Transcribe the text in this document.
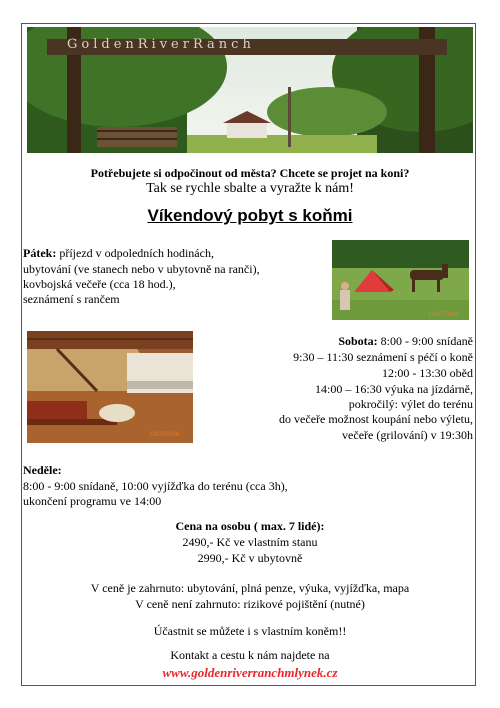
GoldenRiverRanch

Potřebujete si odpočinout od města? Chcete se projet na koni?

Tak se rychle sbalte a vyražte k nám!

Víkendový pobyt s koňmi

Pátek: příjezd v odpoledních hodinách,

ubytování (ve stanech nebo v ubytovně na ranči),

kovbojská večeře (cca 18 hod.),

seznámení s rančem

12/07/2008
28/07/2008

Sobota: 8:00 - 9:00 snídaně

9:30 – 11:30 seznámení s péčí o koně

12:00 - 13:30 oběd

14:00 – 16:30 výuka na jízdárně,

pokročilý: výlet do terénu

do večeře možnost koupání nebo výletu,

večeře (grilování) v 19:30h

Neděle:

8:00 - 9:00 snídaně, 10:00 vyjížďka do terénu (cca 3h),

ukončení programu ve 14:00

Cena na osobu ( max. 7 lidé):

2490,- Kč ve vlastním stanu

2990,- Kč v ubytovně

V ceně je zahrnuto: ubytování, plná penze, výuka, vyjížďka, mapa

V ceně není zahrnuto: rizikové pojištění (nutné)

Účastnit se můžete i s vlastním koněm!!

Kontakt a cestu k nám najdete na

www.goldenriverranchmlynek.cz
